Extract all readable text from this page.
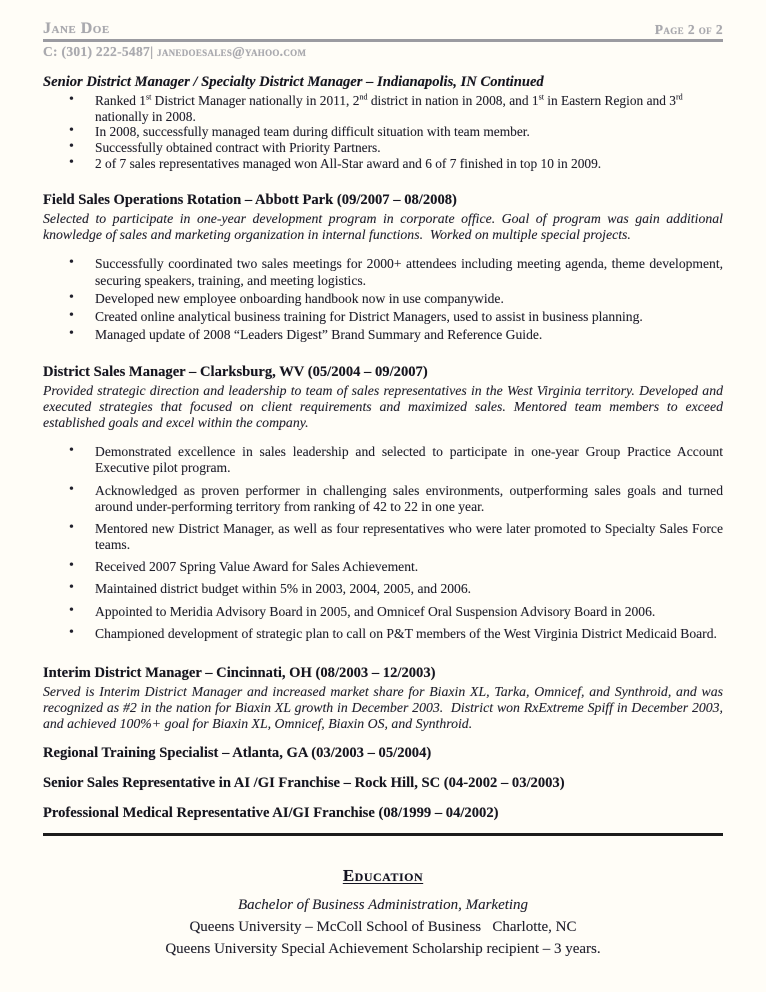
Jane Doe	Page 2 of 2
C: (301) 222-5487| janedoesales@yahoo.com
Senior District Manager / Specialty District Manager – Indianapolis, IN Continued
• Ranked 1st District Manager nationally in 2011, 2nd district in nation in 2008, and 1st in Eastern Region and 3rd nationally in 2008.
• In 2008, successfully managed team during difficult situation with team member.
• Successfully obtained contract with Priority Partners.
• 2 of 7 sales representatives managed won All-Star award and 6 of 7 finished in top 10 in 2009.
Field Sales Operations Rotation – Abbott Park (09/2007 – 08/2008)

Selected to participate in one-year development program in corporate office. Goal of program was gain additional knowledge of sales and marketing organization in internal functions.  Worked on multiple special projects.

• Successfully coordinated two sales meetings for 2000+ attendees including meeting agenda, theme development, securing speakers, training, and meeting logistics.
• Developed new employee onboarding handbook now in use companywide.
• Created online analytical business training for District Managers, used to assist in business planning.
• Managed update of 2008 “Leaders Digest” Brand Summary and Reference Guide.
District Sales Manager – Clarksburg, WV (05/2004 – 09/2007)

Provided strategic direction and leadership to team of sales representatives in the West Virginia territory. Developed and executed strategies that focused on client requirements and maximized sales. Mentored team members to exceed established goals and excel within the company.

• Demonstrated excellence in sales leadership and selected to participate in one-year Group Practice Account Executive pilot program.
• Acknowledged as proven performer in challenging sales environments, outperforming sales goals and turned around under-performing territory from ranking of 42 to 22 in one year.
• Mentored new District Manager, as well as four representatives who were later promoted to Specialty Sales Force teams.
• Received 2007 Spring Value Award for Sales Achievement.
• Maintained district budget within 5% in 2003, 2004, 2005, and 2006.
• Appointed to Meridia Advisory Board in 2005, and Omnicef Oral Suspension Advisory Board in 2006.
• Championed development of strategic plan to call on P&T members of the West Virginia District Medicaid Board.
Interim District Manager – Cincinnati, OH (08/2003 – 12/2003)

Served is Interim District Manager and increased market share for Biaxin XL, Tarka, Omnicef, and Synthroid, and was recognized as #2 in the nation for Biaxin XL growth in December 2003.  District won RxExtreme Spiff in December 2003, and achieved 100%+ goal for Biaxin XL, Omnicef, Biaxin OS, and Synthroid.

Regional Training Specialist – Atlanta, GA (03/2003 – 05/2004)
Senior Sales Representative in AI /GI Franchise – Rock Hill, SC (04-2002 – 03/2003)
Professional Medical Representative AI/GI Franchise (08/1999 – 04/2002)
Education
Bachelor of Business Administration, Marketing
Queens University – McColl School of Business   Charlotte, NC
Queens University Special Achievement Scholarship recipient – 3 years.
